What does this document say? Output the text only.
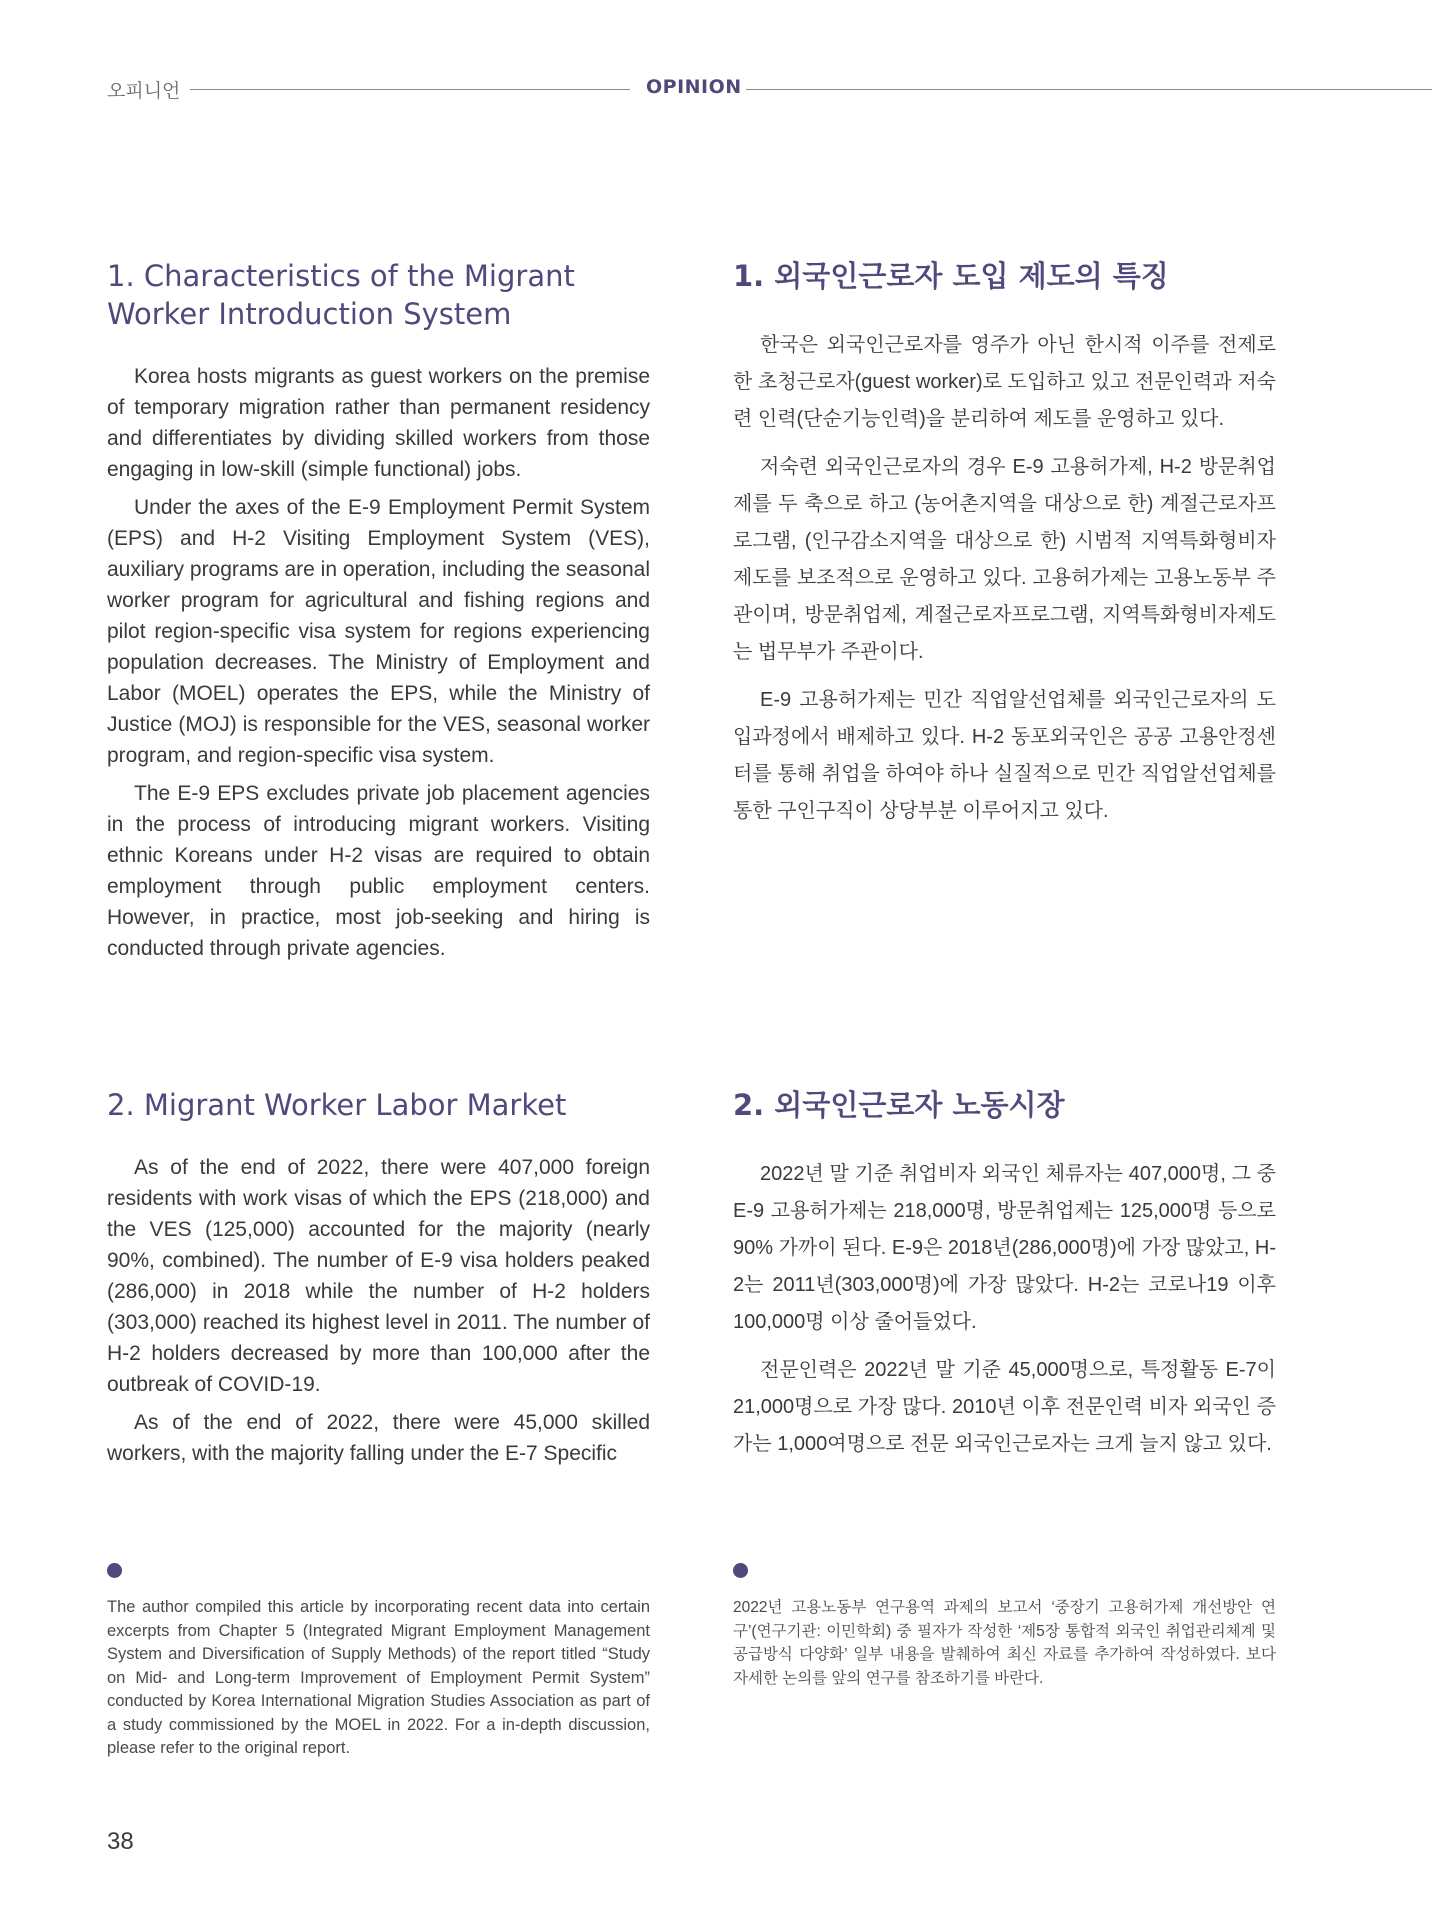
오피니언	OPINION
1. Characteristics of the Migrant Worker Introduction System

Korea hosts migrants as guest workers on the premise of temporary migration rather than permanent residency and differentiates by dividing skilled workers from those engaging in low-skill (simple functional) jobs.

Under the axes of the E-9 Employment Permit System (EPS) and H-2 Visiting Employment System (VES), auxiliary programs are in operation, including the seasonal worker program for agricultural and fishing regions and pilot region-specific visa system for regions experiencing population decreases. The Ministry of Employment and Labor (MOEL) operates the EPS, while the Ministry of Justice (MOJ) is responsible for the VES, seasonal worker program, and region-specific visa system.

The E-9 EPS excludes private job placement agencies in the process of introducing migrant workers. Visiting ethnic Koreans under H-2 visas are required to obtain employment through public employment centers. However, in practice, most job-seeking and hiring is conducted through private agencies.

1. 외국인근로자 도입 제도의 특징

한국은 외국인근로자를 영주가 아닌 한시적 이주를 전제로 한 초청근로자(guest worker)로 도입하고 있고 전문인력과 저숙련 인력(단순기능인력)을 분리하여 제도를 운영하고 있다.

저숙련 외국인근로자의 경우 E-9 고용허가제, H-2 방문취업제를 두 축으로 하고 (농어촌지역을 대상으로 한) 계절근로자프로그램, (인구감소지역을 대상으로 한) 시범적 지역특화형비자제도를 보조적으로 운영하고 있다. 고용허가제는 고용노동부 주관이며, 방문취업제, 계절근로자프로그램, 지역특화형비자제도는 법무부가 주관이다.

E-9 고용허가제는 민간 직업알선업체를 외국인근로자의 도입과정에서 배제하고 있다. H-2 동포외국인은 공공 고용안정센터를 통해 취업을 하여야 하나 실질적으로 민간 직업알선업체를 통한 구인구직이 상당부분 이루어지고 있다.

2. Migrant Worker Labor Market

As of the end of 2022, there were 407,000 foreign residents with work visas of which the EPS (218,000) and the VES (125,000) accounted for the majority (nearly 90%, combined). The number of E-9 visa holders peaked (286,000) in 2018 while the number of H-2 holders (303,000) reached its highest level in 2011. The number of H-2 holders decreased by more than 100,000 after the outbreak of COVID-19.

As of the end of 2022, there were 45,000 skilled workers, with the majority falling under the E-7 Specific

2. 외국인근로자 노동시장

2022년 말 기준 취업비자 외국인 체류자는 407,000명, 그 중 E-9 고용허가제는 218,000명, 방문취업제는 125,000명 등으로 90% 가까이 된다. E-9은 2018년(286,000명)에 가장 많았고, H-2는 2011년(303,000명)에 가장 많았다. H-2는 코로나19 이후 100,000명 이상 줄어들었다.

전문인력은 2022년 말 기준 45,000명으로, 특정활동 E-7이 21,000명으로 가장 많다. 2010년 이후 전문인력 비자 외국인 증가는 1,000여명으로 전문 외국인근로자는 크게 늘지 않고 있다.

The author compiled this article by incorporating recent data into certain excerpts from Chapter 5 (Integrated Migrant Employment Management System and Diversification of Supply Methods) of the report titled “Study on Mid- and Long-term Improvement of Employment Permit System” conducted by Korea International Migration Studies Association as part of a study commissioned by the MOEL in 2022. For a in-depth discussion, please refer to the original report.

2022년 고용노동부 연구용역 과제의 보고서 ‘중장기 고용허가제 개선방안 연구’(연구기관: 이민학회) 중 필자가 작성한 ‘제5장 통합적 외국인 취업관리체계 및 공급방식 다양화’ 일부 내용을 발췌하여 최신 자료를 추가하여 작성하였다. 보다 자세한 논의를 앞의 연구를 참조하기를 바란다.

38
